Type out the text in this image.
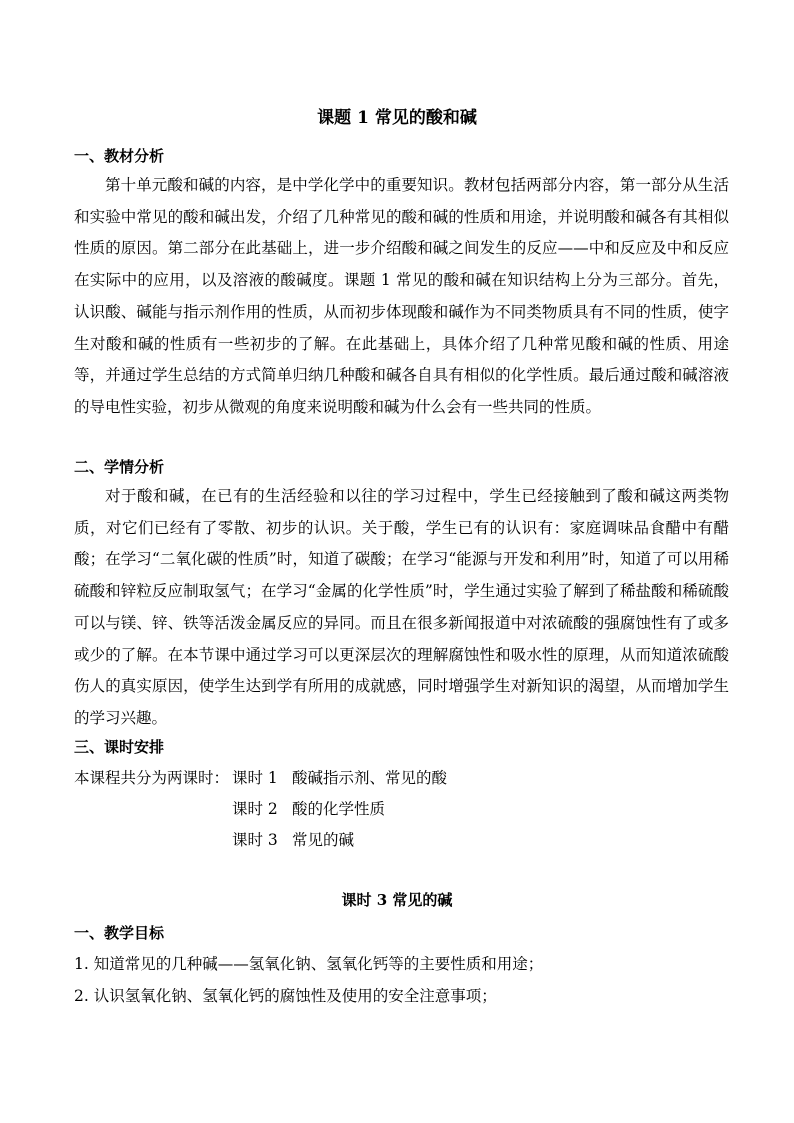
课题 1 常见的酸和碱
一、教材分析

第十单元酸和碱的内容，是中学化学中的重要知识。教材包括两部分内容，第一部分从生活和实验中常见的酸和碱出发，介绍了几种常见的酸和碱的性质和用途，并说明酸和碱各有其相似性质的原因。第二部分在此基础上，进一步介绍酸和碱之间发生的反应——中和反应及中和反应在实际中的应用，以及溶液的酸碱度。课题 1 常见的酸和碱在知识结构上分为三部分。首先，认识酸、碱能与指示剂作用的性质，从而初步体现酸和碱作为不同类物质具有不同的性质，使字生对酸和碱的性质有一些初步的了解。在此基础上，具体介绍了几种常见酸和碱的性质、用途等，并通过学生总结的方式简单归纳几种酸和碱各自具有相似的化学性质。最后通过酸和碱溶液的导电性实验，初步从微观的角度来说明酸和碱为什么会有一些共同的性质。

二、学情分析

对于酸和碱，在已有的生活经验和以往的学习过程中，学生已经接触到了酸和碱这两类物质，对它们已经有了零散、初步的认识。关于酸，学生已有的认识有：家庭调味品食醋中有醋酸；在学习“二氧化碳的性质”时，知道了碳酸；在学习“能源与开发和利用”时，知道了可以用稀硫酸和锌粒反应制取氢气；在学习“金属的化学性质”时，学生通过实验了解到了稀盐酸和稀硫酸可以与镁、锌、铁等活泼金属反应的异同。而且在很多新闻报道中对浓硫酸的强腐蚀性有了或多或少的了解。在本节课中通过学习可以更深层次的理解腐蚀性和吸水性的原理，从而知道浓硫酸伤人的真实原因，使学生达到学有所用的成就感，同时增强学生对新知识的渴望，从而增加学生的学习兴趣。

三、课时安排
本课程共分为两课时： 课时 1 酸碱指示剂、常见的酸
课时 2 酸的化学性质
课时 3 常见的碱
课时 3 常见的碱
一、教学目标
1. 知道常见的几种碱——氢氧化钠、氢氧化钙等的主要性质和用途；
2. 认识氢氧化钠、氢氧化钙的腐蚀性及使用的安全注意事项；
